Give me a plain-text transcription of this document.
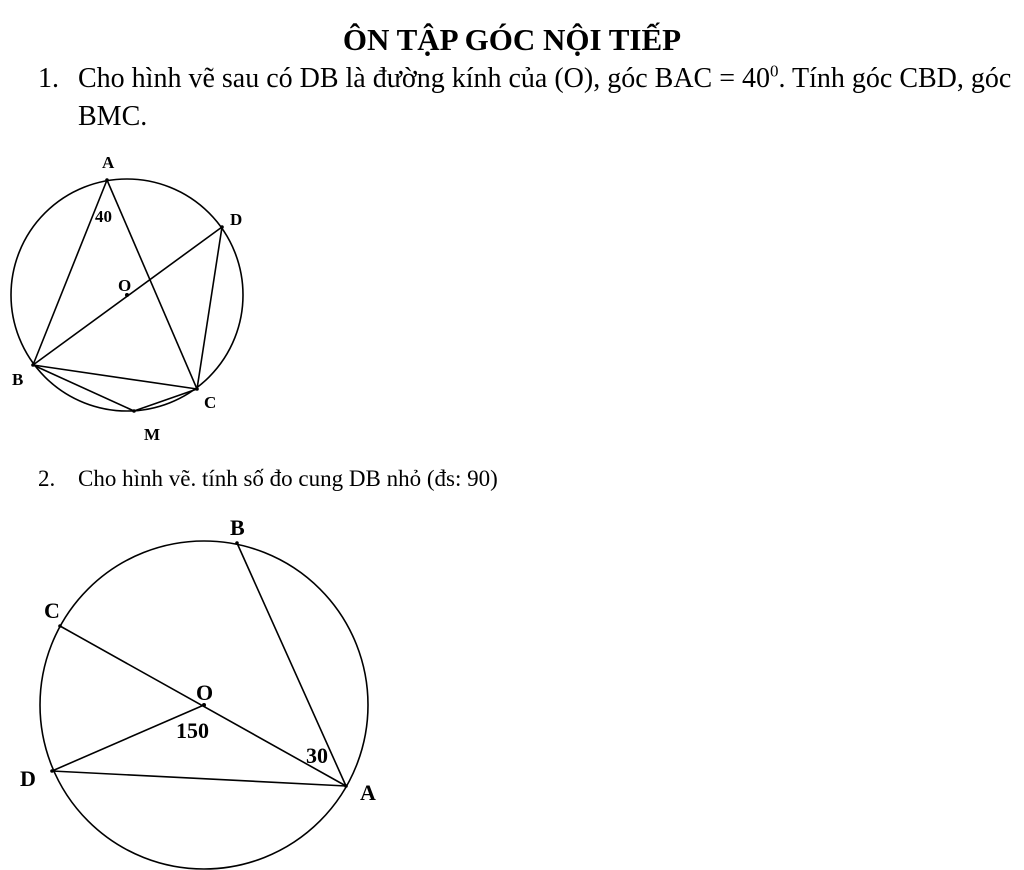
ÔN TẬP GÓC NỘI TIẾP
1. Cho hình vẽ sau có DB là đường kính của (O), góc BAC = $40^0$. Tính góc CBD, góc BMC.
2. Cho hình vẽ. tính số đo cung DB nhỏ (đs: 90)
A
D
O
B
C
M
40
B
C
O
D
A
150
30
